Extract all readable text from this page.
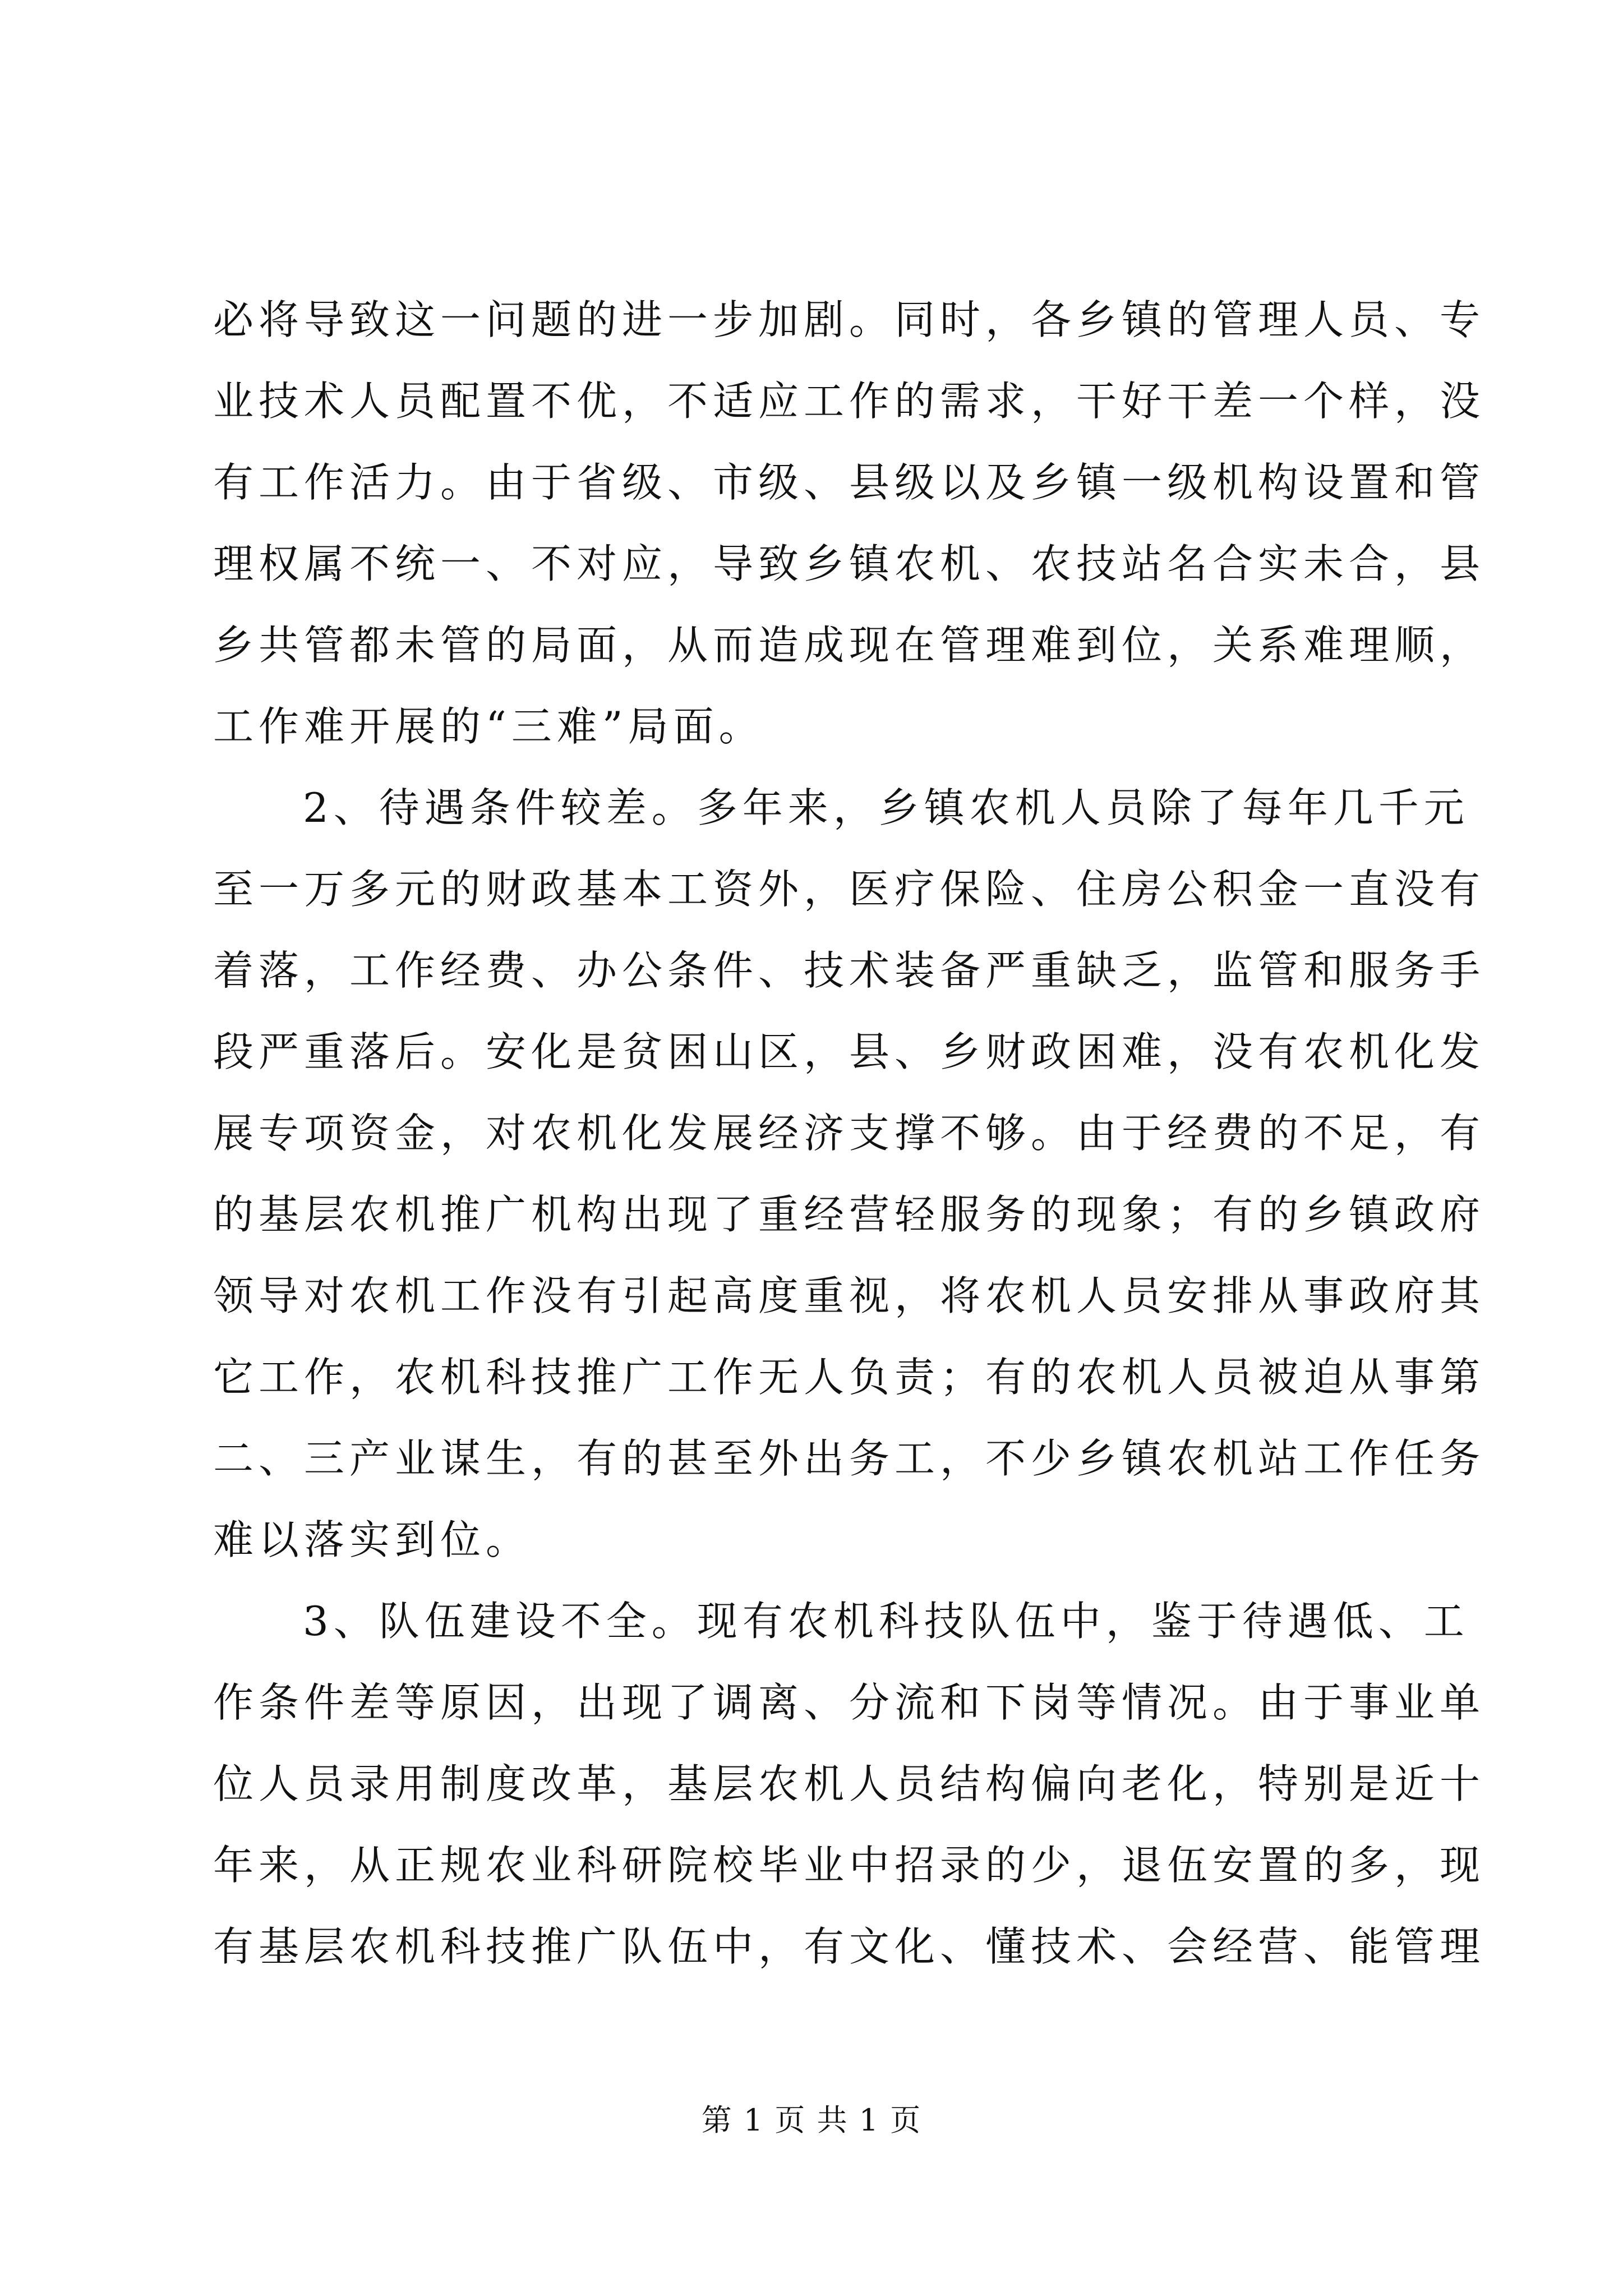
必将导致这一问题的进一步加剧。同时，各乡镇的管理人员、专
业技术人员配置不优，不适应工作的需求，干好干差一个样，没
有工作活力。由于省级、市级、县级以及乡镇一级机构设置和管
理权属不统一、不对应，导致乡镇农机、农技站名合实未合，县
乡共管都未管的局面，从而造成现在管理难到位，关系难理顺，
工作难开展的“三难”局面。
2、待遇条件较差。多年来，乡镇农机人员除了每年几千元
至一万多元的财政基本工资外，医疗保险、住房公积金一直没有
着落，工作经费、办公条件、技术装备严重缺乏，监管和服务手
段严重落后。安化是贫困山区，县、乡财政困难，没有农机化发
展专项资金，对农机化发展经济支撑不够。由于经费的不足，有
的基层农机推广机构出现了重经营轻服务的现象；有的乡镇政府
领导对农机工作没有引起高度重视，将农机人员安排从事政府其
它工作，农机科技推广工作无人负责；有的农机人员被迫从事第
二、三产业谋生，有的甚至外出务工，不少乡镇农机站工作任务
难以落实到位。
3、队伍建设不全。现有农机科技队伍中，鉴于待遇低、工
作条件差等原因，出现了调离、分流和下岗等情况。由于事业单
位人员录用制度改革，基层农机人员结构偏向老化，特别是近十
年来，从正规农业科研院校毕业中招录的少，退伍安置的多，现
有基层农机科技推广队伍中，有文化、懂技术、会经营、能管理
第 1 页 共 1 页
